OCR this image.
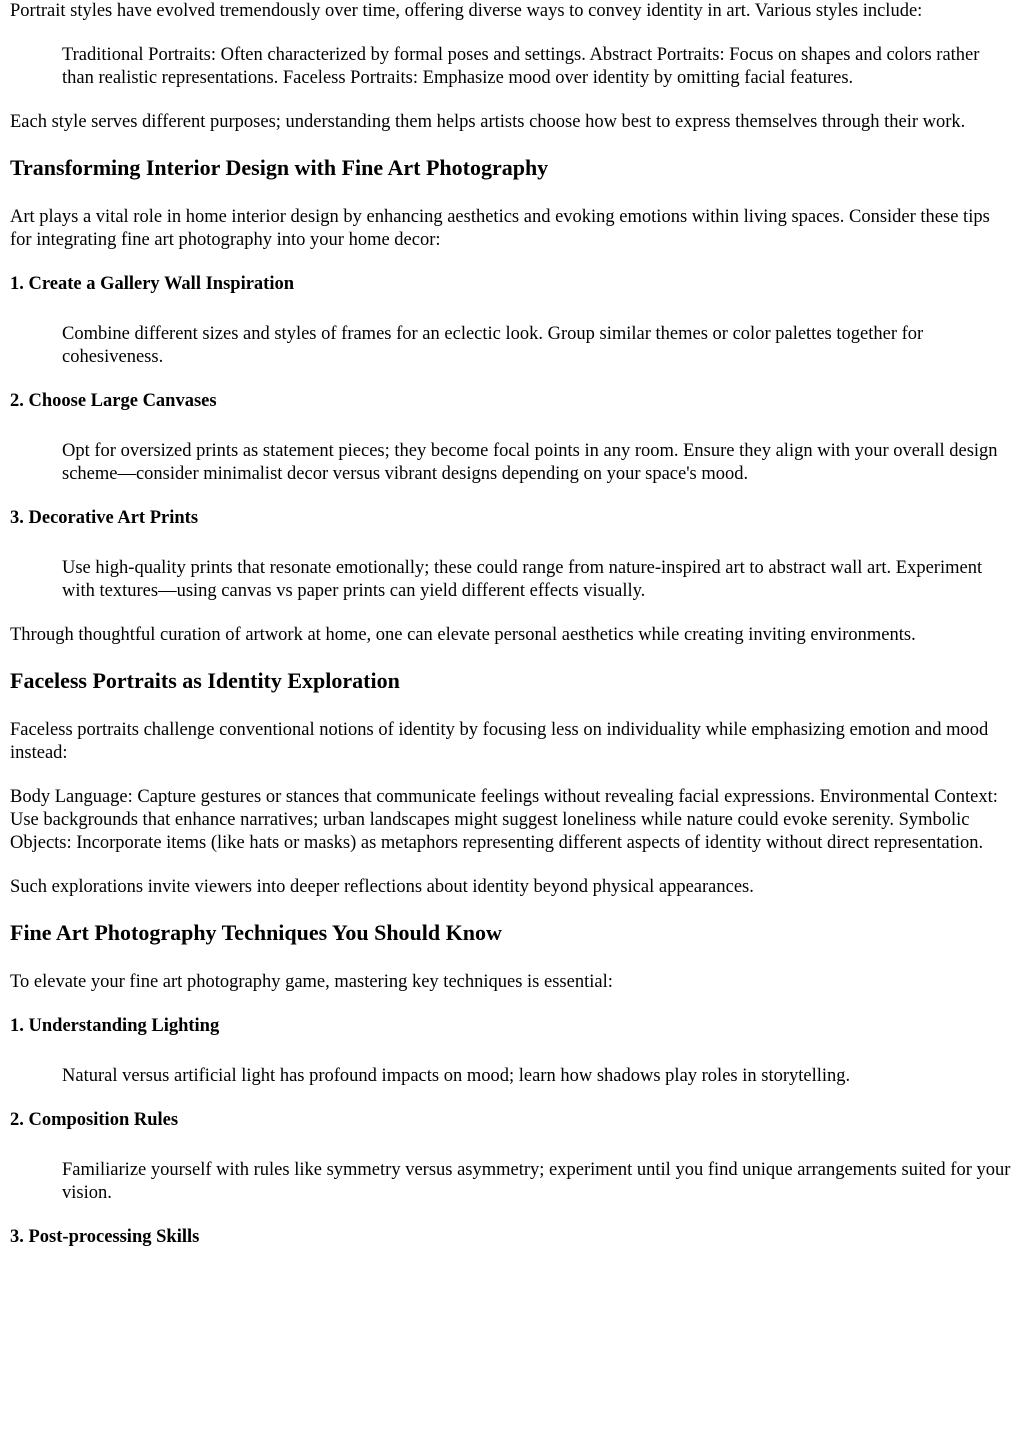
Portrait styles have evolved tremendously over time, offering diverse ways to convey identity in art. Various styles include:

Traditional Portraits: Often characterized by formal poses and settings. Abstract Portraits: Focus on shapes and colors rather than realistic representations. Faceless Portraits: Emphasize mood over identity by omitting facial features.

Each style serves different purposes; understanding them helps artists choose how best to express themselves through their work.

Transforming Interior Design with Fine Art Photography

Art plays a vital role in home interior design by enhancing aesthetics and evoking emotions within living spaces. Consider these tips for integrating fine art photography into your home decor:

1. Create a Gallery Wall Inspiration

Combine different sizes and styles of frames for an eclectic look. Group similar themes or color palettes together for cohesiveness.

2. Choose Large Canvases

Opt for oversized prints as statement pieces; they become focal points in any room. Ensure they align with your overall design scheme—consider minimalist decor versus vibrant designs depending on your space's mood.

3. Decorative Art Prints

Use high-quality prints that resonate emotionally; these could range from nature-inspired art to abstract wall art. Experiment with textures—using canvas vs paper prints can yield different effects visually.

Through thoughtful curation of artwork at home, one can elevate personal aesthetics while creating inviting environments.

Faceless Portraits as Identity Exploration

Faceless portraits challenge conventional notions of identity by focusing less on individuality while emphasizing emotion and mood instead:

Body Language: Capture gestures or stances that communicate feelings without revealing facial expressions. Environmental Context: Use backgrounds that enhance narratives; urban landscapes might suggest loneliness while nature could evoke serenity. Symbolic Objects: Incorporate items (like hats or masks) as metaphors representing different aspects of identity without direct representation.

Such explorations invite viewers into deeper reflections about identity beyond physical appearances.

Fine Art Photography Techniques You Should Know

To elevate your fine art photography game, mastering key techniques is essential:

1. Understanding Lighting

Natural versus artificial light has profound impacts on mood; learn how shadows play roles in storytelling.

2. Composition Rules

Familiarize yourself with rules like symmetry versus asymmetry; experiment until you find unique arrangements suited for your vision.

3. Post-processing Skills
